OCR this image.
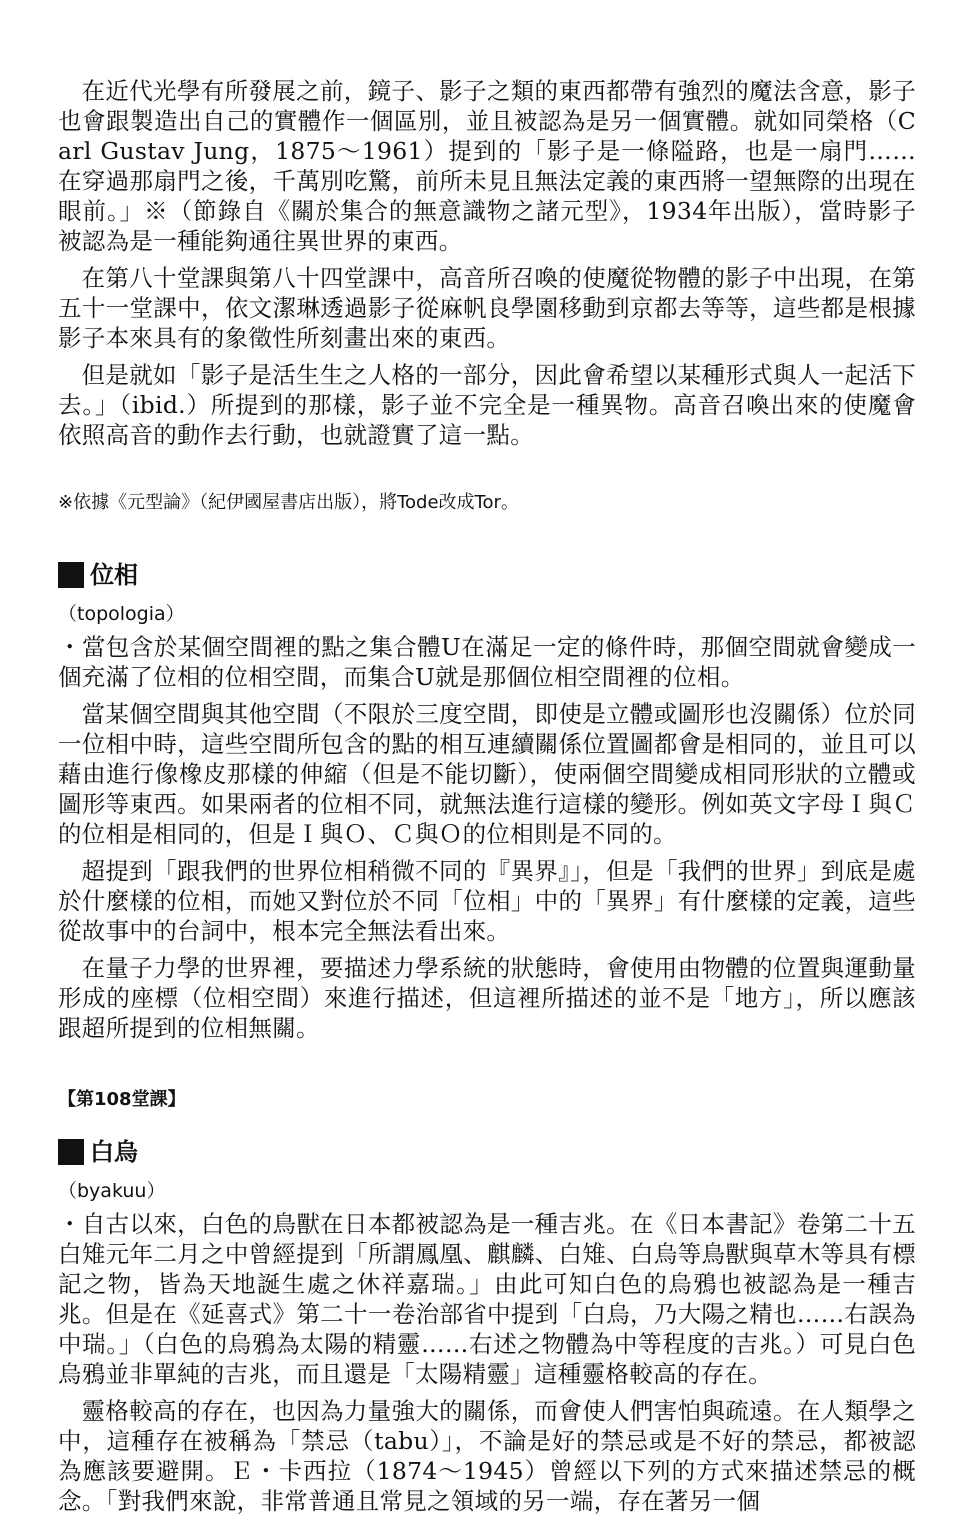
在近代光學有所發展之前，鏡子、影子之類的東西都帶有強烈的魔法含意，影子也會跟製造出自己的實體作一個區別，並且被認為是另一個實體。就如同榮格（Carl Gustav Jung，1875～1961）提到的「影子是一條隘路，也是一扇門……在穿過那扇門之後，千萬別吃驚，前所未見且無法定義的東西將一望無際的出現在眼前。」※（節錄自《關於集合的無意識物之諸元型》，1934年出版），當時影子被認為是一種能夠通往異世界的東西。

在第八十堂課與第八十四堂課中，高音所召喚的使魔從物體的影子中出現，在第五十一堂課中，依文潔琳透過影子從麻帆良學園移動到京都去等等，這些都是根據影子本來具有的象徵性所刻畫出來的東西。

但是就如「影子是活生生之人格的一部分，因此會希望以某種形式與人一起活下去。」（ibid.）所提到的那樣，影子並不完全是一種異物。高音召喚出來的使魔會依照高音的動作去行動，也就證實了這一點。

※依據《元型論》（紀伊國屋書店出版），將Tode改成Tor。

位相
（topologia）

・當包含於某個空間裡的點之集合體U在滿足一定的條件時，那個空間就會變成一個充滿了位相的位相空間，而集合U就是那個位相空間裡的位相。

當某個空間與其他空間（不限於三度空間，即使是立體或圖形也沒關係）位於同一位相中時，這些空間所包含的點的相互連續關係位置圖都會是相同的，並且可以藉由進行像橡皮那樣的伸縮（但是不能切斷），使兩個空間變成相同形狀的立體或圖形等東西。如果兩者的位相不同，就無法進行這樣的變形。例如英文字母Ｉ與Ｃ的位相是相同的，但是Ｉ與Ｏ、Ｃ與Ｏ的位相則是不同的。

超提到「跟我們的世界位相稍微不同的『異界』」，但是「我們的世界」到底是處於什麼樣的位相，而她又對位於不同「位相」中的「異界」有什麼樣的定義，這些從故事中的台詞中，根本完全無法看出來。

在量子力學的世界裡，要描述力學系統的狀態時，會使用由物體的位置與運動量形成的座標（位相空間）來進行描述，但這裡所描述的並不是「地方」，所以應該跟超所提到的位相無關。

【第108堂課】
白烏
（byakuu）

・自古以來，白色的鳥獸在日本都被認為是一種吉兆。在《日本書記》卷第二十五白雉元年二月之中曾經提到「所謂鳳凰、麒麟、白雉、白烏等鳥獸與草木等具有標記之物，皆為天地誕生處之休祥嘉瑞。」由此可知白色的烏鴉也被認為是一種吉兆。但是在《延喜式》第二十一卷治部省中提到「白烏，乃大陽之精也……右誤為中瑞。」（白色的烏鴉為太陽的精靈……右述之物體為中等程度的吉兆。）可見白色烏鴉並非單純的吉兆，而且還是「太陽精靈」這種靈格較高的存在。

靈格較高的存在，也因為力量強大的關係，而會使人們害怕與疏遠。在人類學之中，這種存在被稱為「禁忌（tabu）」，不論是好的禁忌或是不好的禁忌，都被認為應該要避開。Ｅ・卡西拉（1874～1945）曾經以下列的方式來描述禁忌的概念。「對我們來說，非常普通且常見之領域的另一端，存在著另一個
